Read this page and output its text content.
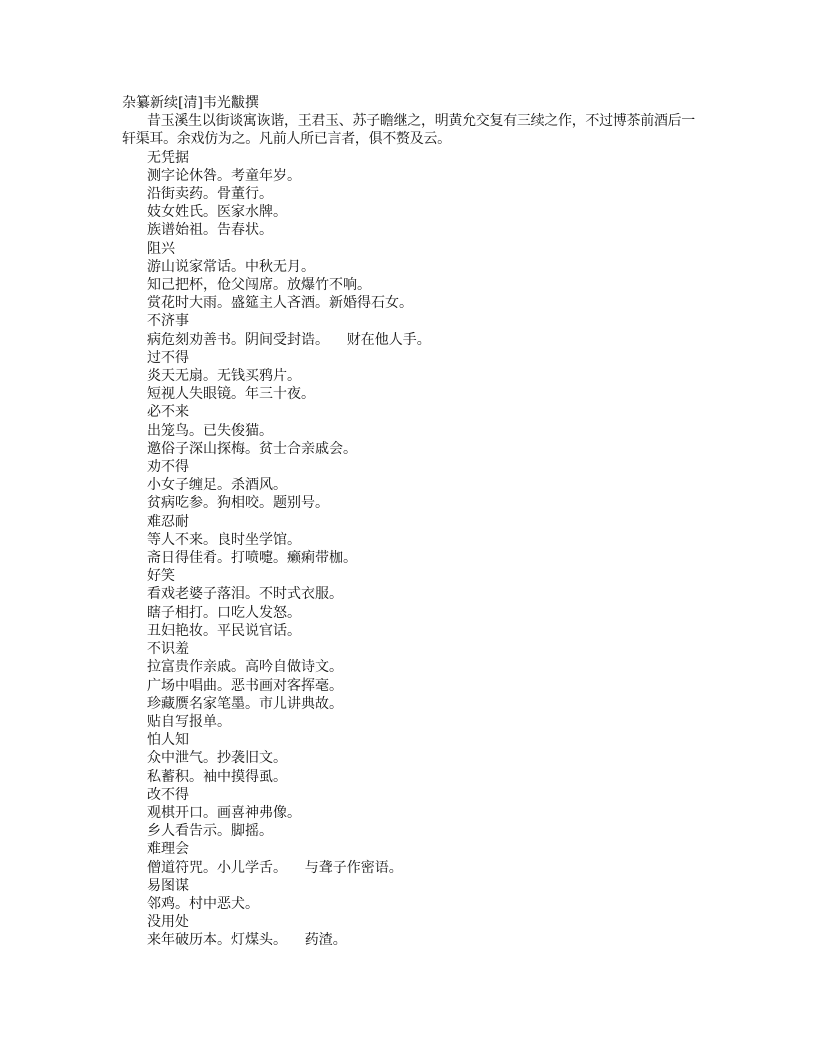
杂纂新续[清]韦光黻撰
昔玉溪生以街谈寓诙谐，王君玉、苏子瞻继之，明黄允交复有三续之作，不过博茶前酒后一轩渠耳。余戏仿为之。凡前人所已言者，俱不赘及云。
无凭据
测字论休咎。考童年岁。
沿街卖药。骨董行。
妓女姓氏。医家水牌。
族谱始祖。告春状。
阻兴
游山说家常话。中秋无月。
知己把杯，伧父闯席。放爆竹不响。
赏花时大雨。盛筵主人吝酒。新婚得石女。
不济事
病危刻劝善书。阴间受封诰。    财在他人手。
过不得
炎天无扇。无钱买鸦片。
短视人失眼镜。年三十夜。
必不来
出笼鸟。已失俊猫。
邀俗子深山探梅。贫士合亲戚会。
劝不得
小女子缠足。杀酒风。
贫病吃参。狗相咬。题别号。
难忍耐
等人不来。良时坐学馆。
斋日得佳肴。打喷嚏。癞痢带枷。
好笑
看戏老婆子落泪。不时式衣服。
瞎子相打。口吃人发怒。
丑妇艳妆。平民说官话。
不识羞
拉富贵作亲戚。高吟自做诗文。
广场中唱曲。恶书画对客挥毫。
珍藏赝名家笔墨。市儿讲典故。
贴自写报单。
怕人知
众中泄气。抄袭旧文。
私蓄积。袖中摸得虱。
改不得
观棋开口。画喜神弗像。
乡人看告示。脚摇。
难理会
僧道符咒。小儿学舌。    与聋子作密语。
易图谋
邻鸡。村中恶犬。
没用处
来年破历本。灯煤头。    药渣。
